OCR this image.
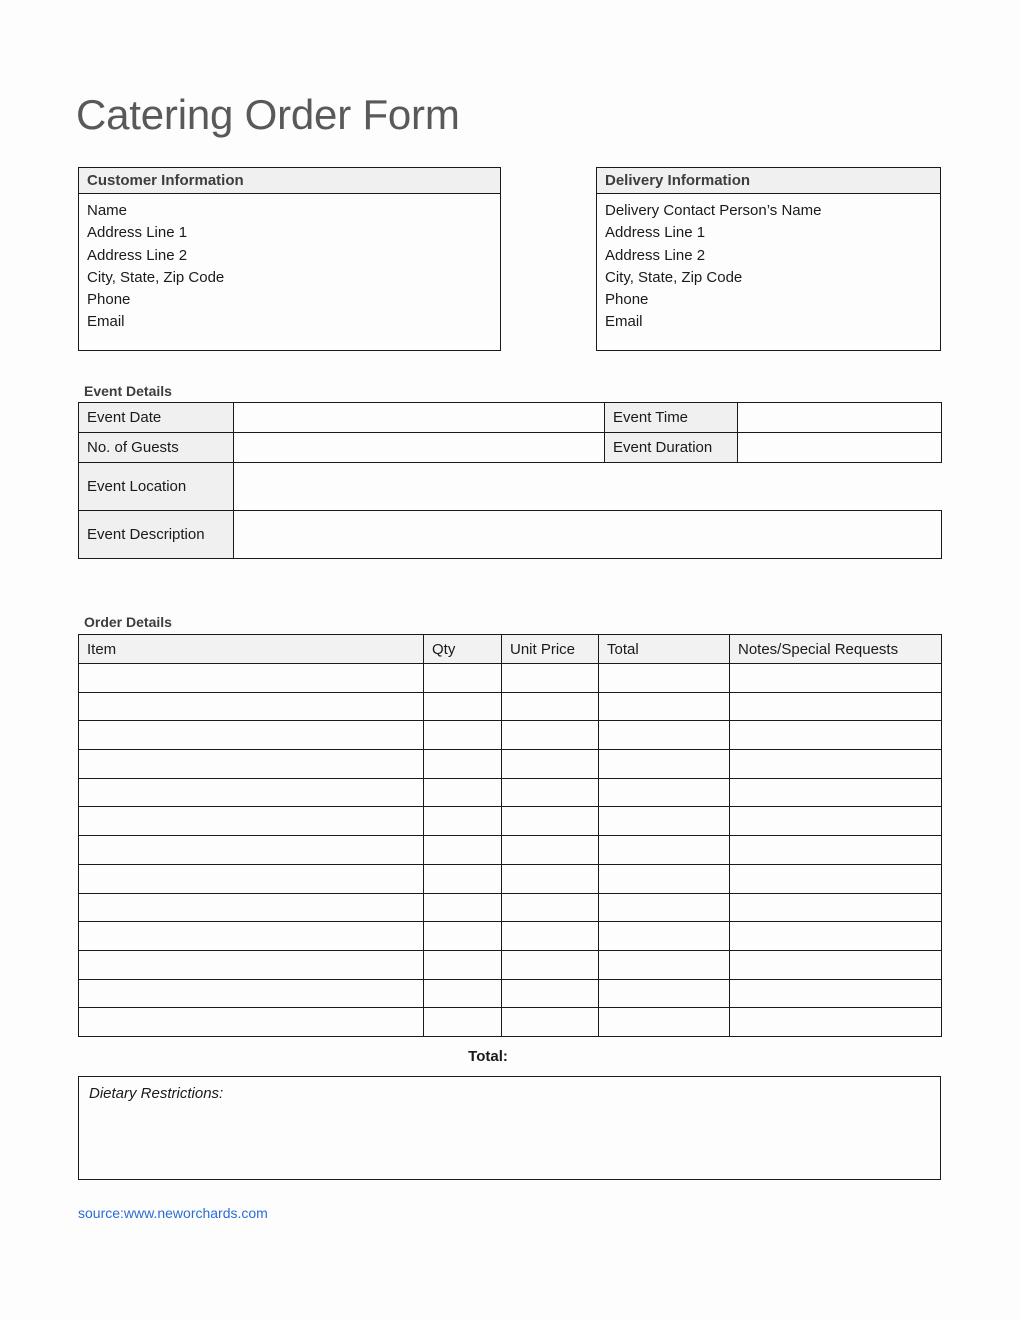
Catering Order Form
Customer Information
Name
Address Line 1
Address Line 2
City, State, Zip Code
Phone
Email
Delivery Information
Delivery Contact Person’s Name
Address Line 1
Address Line 2
City, State, Zip Code
Phone
Email
Event Details
Event Date		Event Time	
No. of Guests		Event Duration	
Event Location			
Event Description			
Order Details
Item	Qty	Unit Price	Total	Notes/Special Requests

Total:
Dietary Restrictions:
source:www.neworchards.com
